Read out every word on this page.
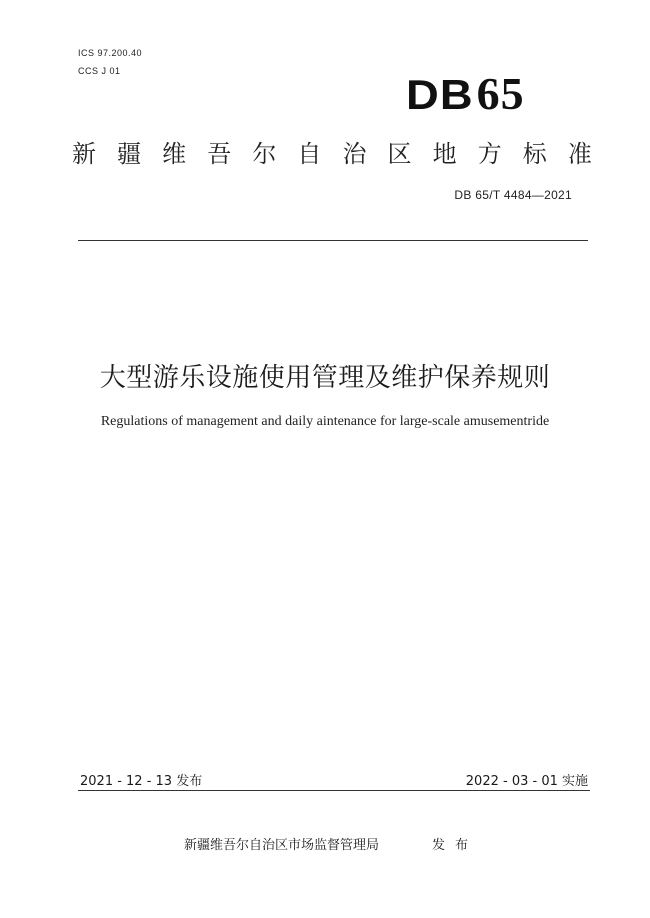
ICS 97.200.40
CCS J 01	DB65
新 疆 维 吾 尔 自 治 区 地 方 标 准
DB 65/T 4484—2021
大型游乐设施使用管理及维护保养规则
Regulations of management and daily aintenance for large-scale amusementride
2021 - 12 - 13 发布	2022 - 03 - 01 实施
新疆维吾尔自治区市场监督管理局	发布
